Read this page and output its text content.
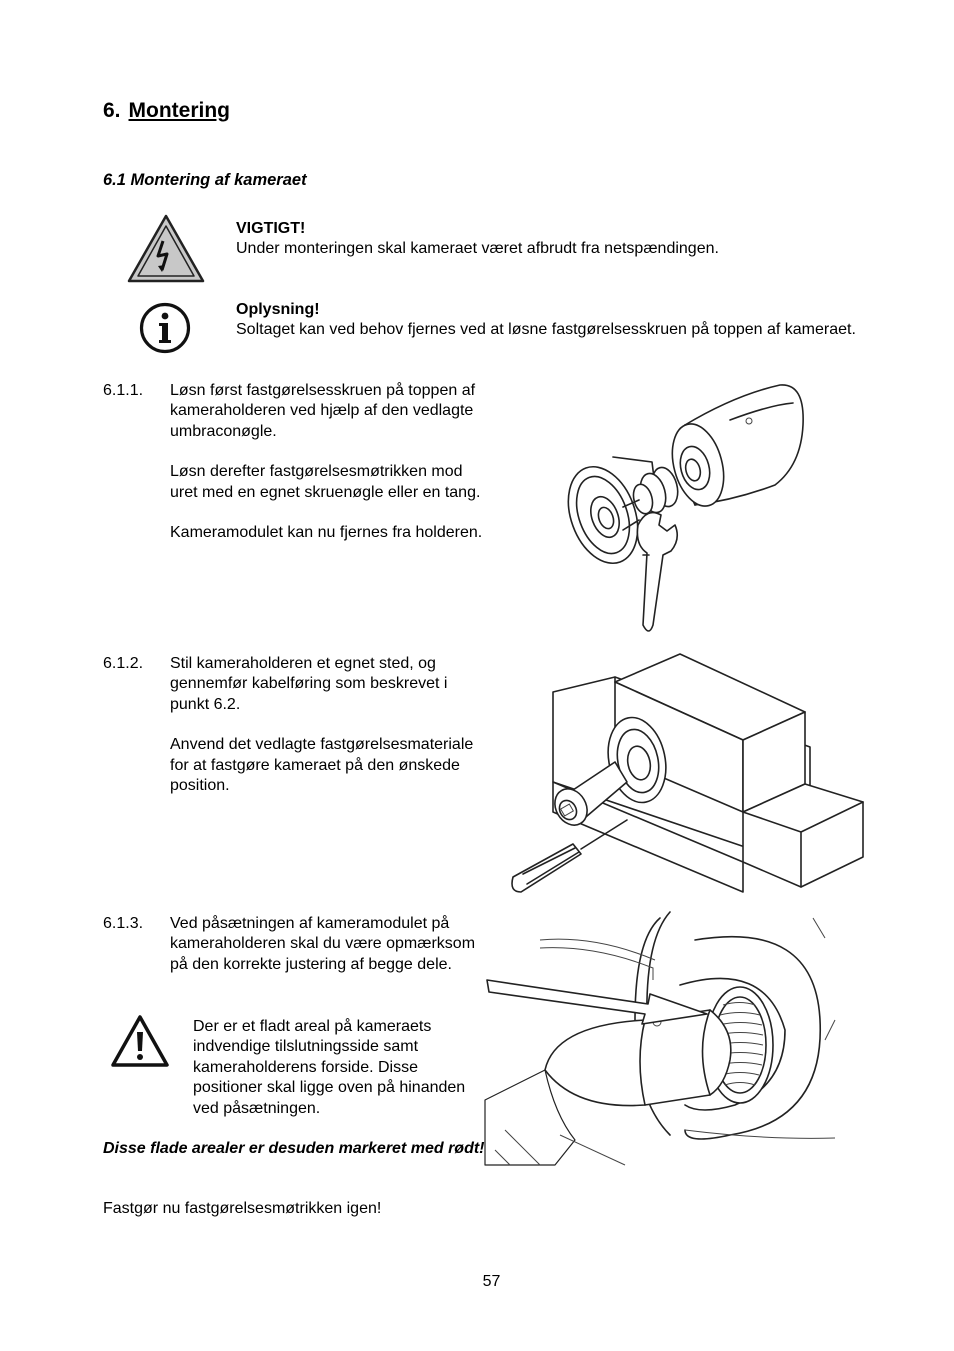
6. Montering
6.1 Montering af kameraet
VIGTIGT!
Under monteringen skal kameraet været afbrudt fra netspændingen.
Oplysning!
Soltaget kan ved behov fjernes ved at løsne fastgørelsesskruen på toppen af kameraet.
6.1.1. Løsn først fastgørelsesskruen på toppen af kameraholderen ved hjælp af den vedlagte umbraconøgle.
Løsn derefter fastgørelsesmøtrikken mod uret med en egnet skruenøgle eller en tang.
Kameramodulet kan nu fjernes fra holderen.
6.1.2. Stil kameraholderen et egnet sted, og gennemfør kabelføring som beskrevet i punkt 6.2.
Anvend det vedlagte fastgørelsesmateriale for at fastgøre kameraet på den ønskede position.
6.1.3. Ved påsætningen af kameramodulet på kameraholderen skal du være opmærksom på den korrekte justering af begge dele.
Der er et fladt areal på kameraets indvendige tilslutningsside samt kameraholderens forside. Disse positioner skal ligge oven på hinanden ved påsætningen.
Disse flade arealer er desuden markeret med rødt!
Fastgør nu fastgørelsesmøtrikken igen!
57
